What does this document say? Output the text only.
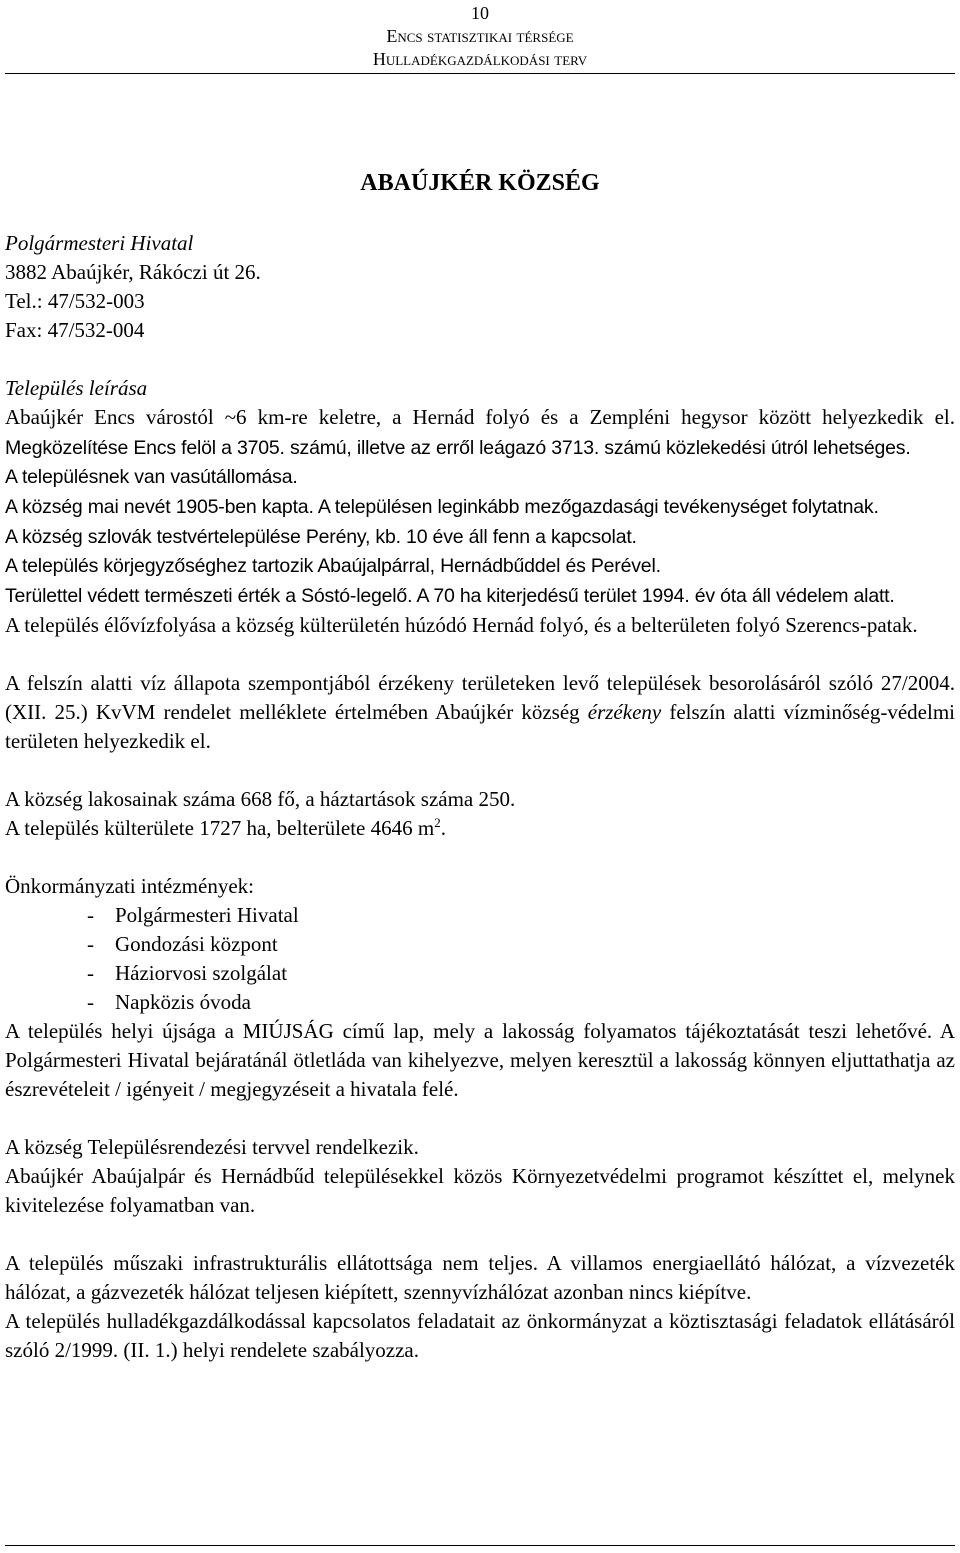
10
Encs statisztikai térsége
Hulladékgazdálkodási terv
ABAÚJKÉR KÖZSÉG

Polgármesteri Hivatal

3882 Abaújkér, Rákóczi út 26.

Tel.: 47/532-003

Fax: 47/532-004

Település leírása

Abaújkér Encs várostól ~6 km-re keletre, a Hernád folyó és a Zempléni hegysor között helyezkedik el. Megközelítése Encs felöl a 3705. számú, illetve az erről leágazó 3713. számú közlekedési útról lehetséges.

A településnek van vasútállomása.

A község mai nevét 1905-ben kapta. A településen leginkább mezőgazdasági tevékenységet folytatnak.

A község szlovák testvértelepülése Perény, kb. 10 éve áll fenn a kapcsolat.

A település körjegyzőséghez tartozik Abaújalpárral, Hernádbűddel és Perével.

Területtel védett természeti érték a Sóstó-legelő. A 70 ha kiterjedésű terület 1994. év óta áll védelem alatt.

A település élővízfolyása a község külterületén húzódó Hernád folyó, és a belterületen folyó Szerencs-patak.

A felszín alatti víz állapota szempontjából érzékeny területeken levő települések besorolásáról szóló 27/2004. (XII. 25.) KvVM rendelet melléklete értelmében Abaújkér község érzékeny felszín alatti vízminőség-védelmi területen helyezkedik el.

A község lakosainak száma 668 fő, a háztartások száma 250.

A település külterülete 1727 ha, belterülete 4646 $m^2$.

Önkormányzati intézmények:

-	Polgármesteri Hivatal
-	Gondozási központ
-	Háziorvosi szolgálat
-	Napközis óvoda

A település helyi újsága a MIÚJSÁG című lap, mely a lakosság folyamatos tájékoztatását teszi lehetővé. A Polgármesteri Hivatal bejáratánál ötletláda van kihelyezve, melyen keresztül a lakosság könnyen eljuttathatja az észrevételeit / igényeit / megjegyzéseit a hivatala felé.

A község Településrendezési tervvel rendelkezik.

Abaújkér Abaújalpár és Hernádbűd településekkel közös Környezetvédelmi programot készíttet el, melynek kivitelezése folyamatban van.

A település műszaki infrastrukturális ellátottsága nem teljes. A villamos energiaellátó hálózat, a vízvezeték hálózat, a gázvezeték hálózat teljesen kiépített, szennyvízhálózat azonban nincs kiépítve.

A település hulladékgazdálkodással kapcsolatos feladatait az önkormányzat a köztisztasági feladatok ellátásáról szóló 2/1999. (II. 1.) helyi rendelete szabályozza.
